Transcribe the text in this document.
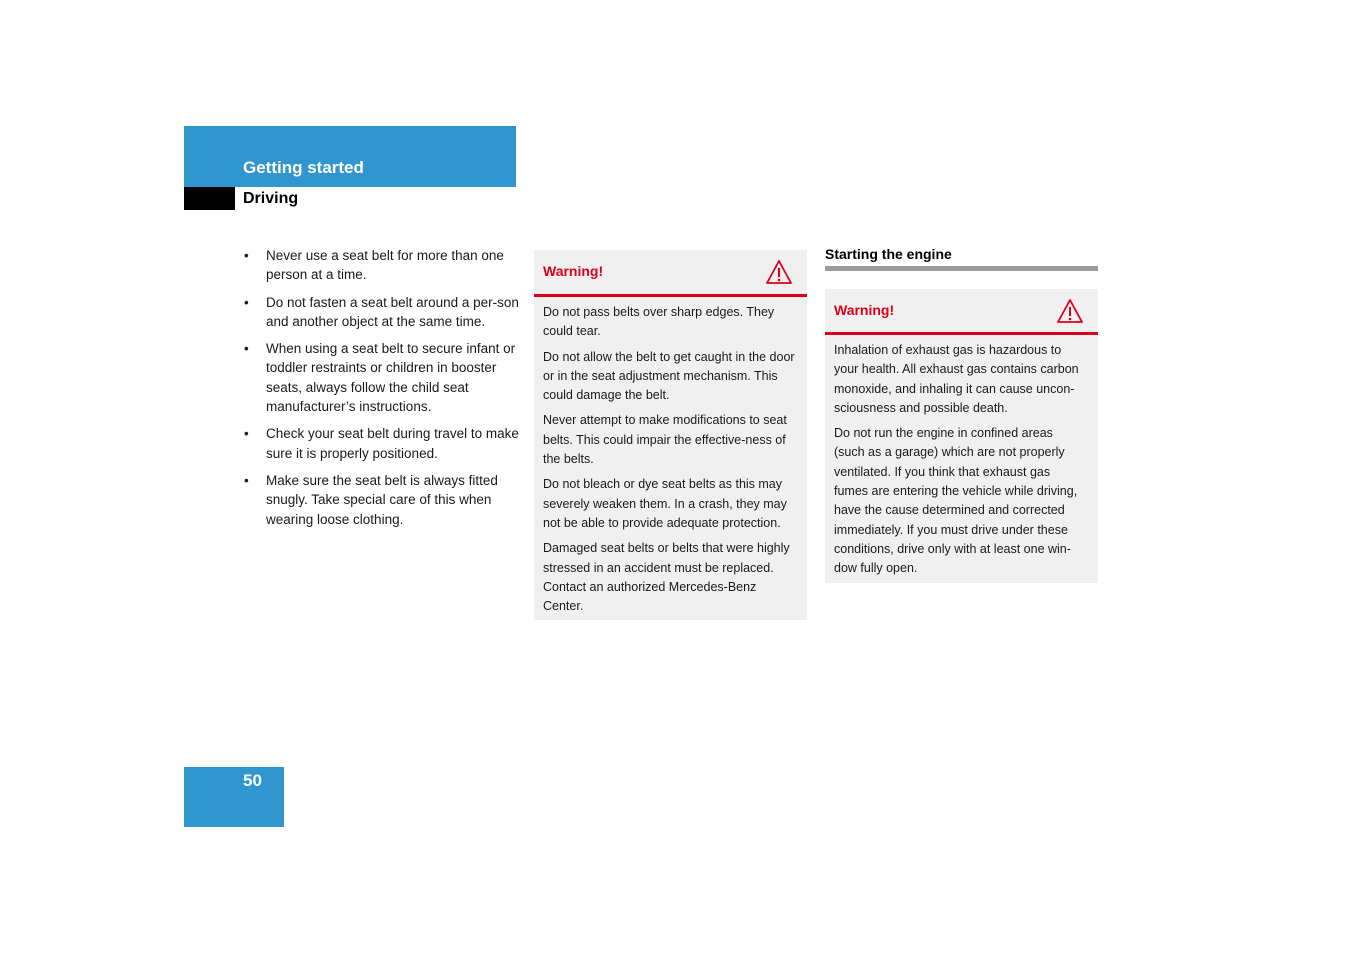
Getting started
Driving
• Never use a seat belt for more than one person at a time.
• Do not fasten a seat belt around a per-son and another object at the same time.
• When using a seat belt to secure infant or toddler restraints or children in booster seats, always follow the child seat manufacturer’s instructions.
• Check your seat belt during travel to make sure it is properly positioned.
• Make sure the seat belt is always fitted snugly. Take special care of this when wearing loose clothing.
Warning!

Do not pass belts over sharp edges. They could tear.

Do not allow the belt to get caught in the door or in the seat adjustment mechanism. This could damage the belt.

Never attempt to make modifications to seat belts. This could impair the effective-ness of the belts.

Do not bleach or dye seat belts as this may severely weaken them. In a crash, they may not be able to provide adequate protection.

Damaged seat belts or belts that were highly stressed in an accident must be replaced. Contact an authorized Mercedes-Benz Center.

Starting the engine
Warning!

Inhalation of exhaust gas is hazardous to your health. All exhaust gas contains carbon monoxide, and inhaling it can cause uncon-sciousness and possible death.

Do not run the engine in confined areas (such as a garage) which are not properly ventilated. If you think that exhaust gas fumes are entering the vehicle while driving, have the cause determined and corrected immediately. If you must drive under these conditions, drive only with at least one win-dow fully open.

50
